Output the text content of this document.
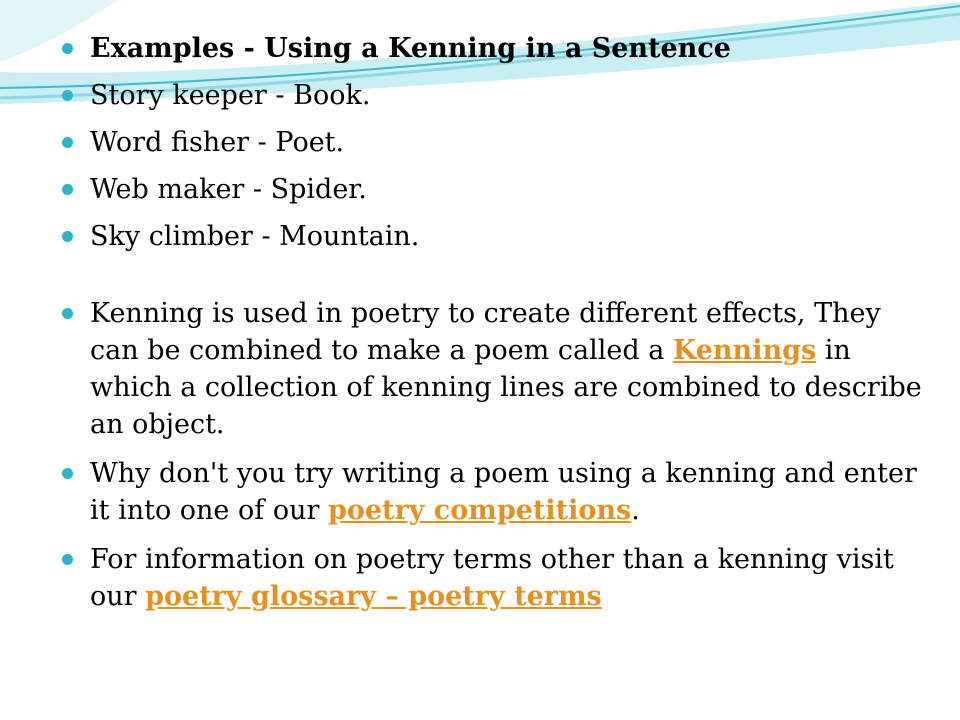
Examples - Using a Kenning in a Sentence
Story keeper - Book.
Word fisher - Poet.
Web maker - Spider.
Sky climber - Mountain.
Kenning is used in poetry to create different effects, They can be combined to make a poem called a Kennings in which a collection of kenning lines are combined to describe an object.
Why don't you try writing a poem using a kenning and enter it into one of our poetry competitions.
For information on poetry terms other than a kenning visit our poetry glossary – poetry terms
